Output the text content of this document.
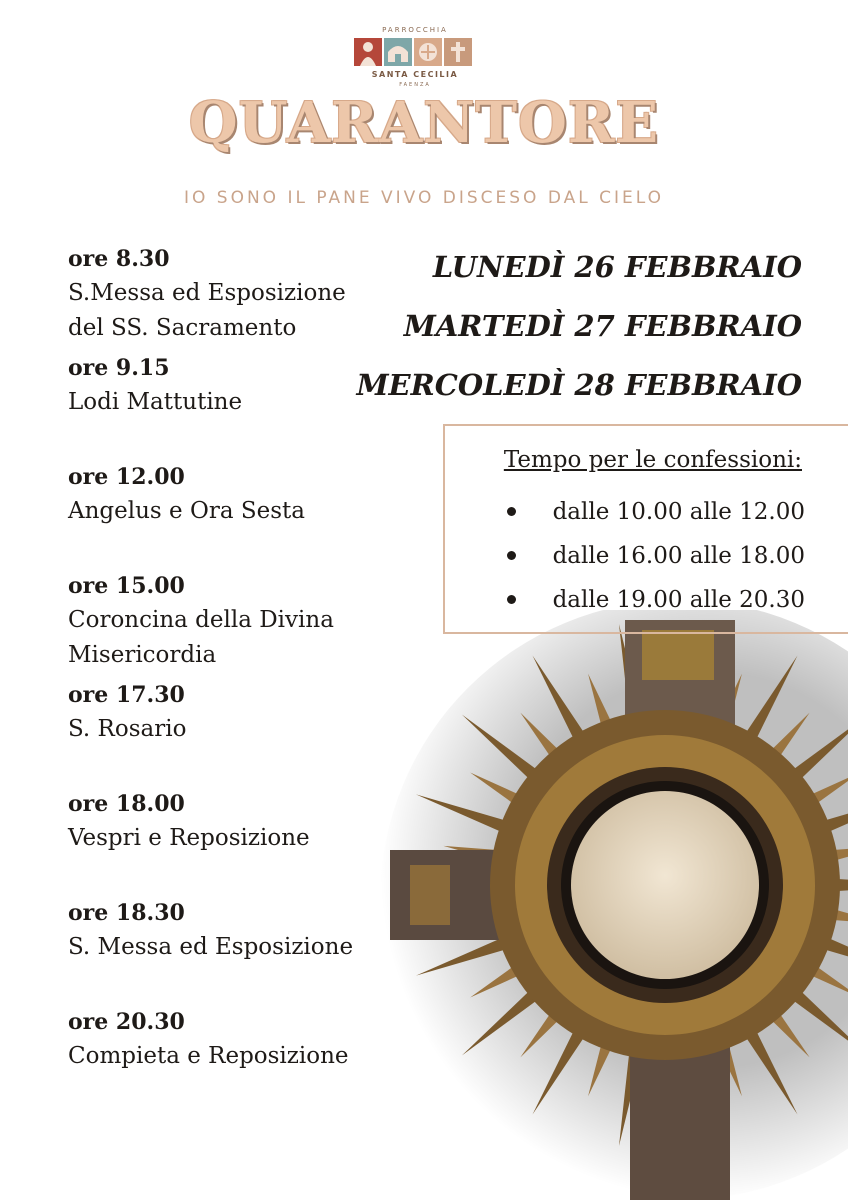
PARROCCHIA
SANTA CECILIA
FAENZA
QUARANTORE
IO SONO IL PANE VIVO DISCESO DAL CIELO

ore 8.30

S.Messa ed Esposizione

del SS. Sacramento

ore 9.15

Lodi Mattutine

ore 12.00

Angelus e Ora Sesta

ore 15.00

Coroncina della Divina

Misericordia

ore 17.30

S. Rosario

ore 18.00

Vespri e Reposizione

ore 18.30

S. Messa ed Esposizione

ore 20.30

Compieta e Reposizione

LUNEDÌ 26 FEBBRAIO
MARTEDÌ 27 FEBBRAIO
MERCOLEDÌ 28 FEBBRAIO
Tempo per le confessioni:
dalle 10.00 alle 12.00
dalle 16.00 alle 18.00
dalle 19.00 alle 20.30
